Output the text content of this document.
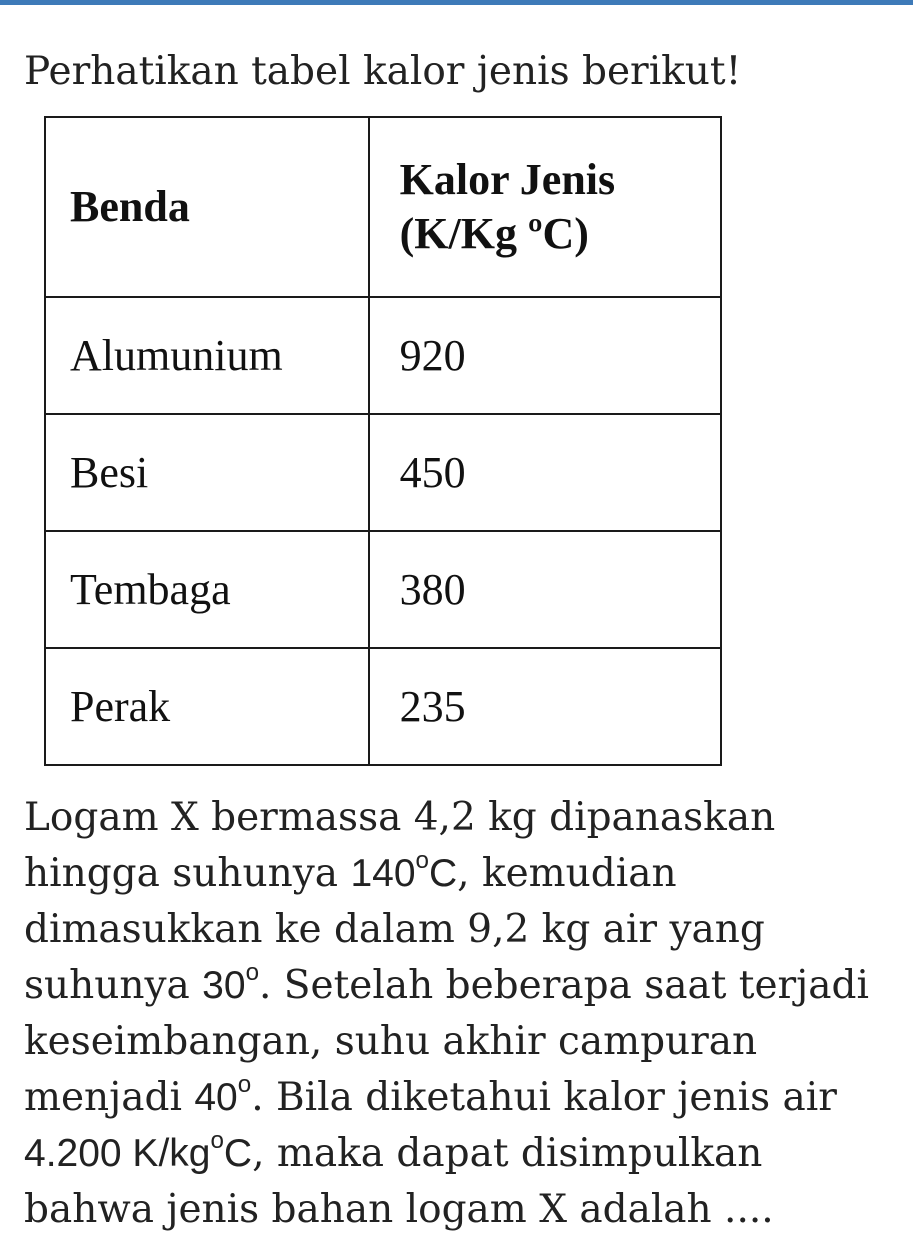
Perhatikan tabel kalor jenis berikut!
Benda	Kalor Jenis
(K/Kg ºC)

Alumunium	920
Besi	450
Tembaga	380
Perak	235
Logam X bermassa 4,2 kg dipanaskan
hingga suhunya 140$^o$C, kemudian
dimasukkan ke dalam 9,2 kg air yang
suhunya 30$^o$. Setelah beberapa saat terjadi
keseimbangan, suhu akhir campuran
menjadi 40$^o$. Bila diketahui kalor jenis air
4.200 $K/kg^oC$, maka dapat disimpulkan
bahwa jenis bahan logam X adalah ....
